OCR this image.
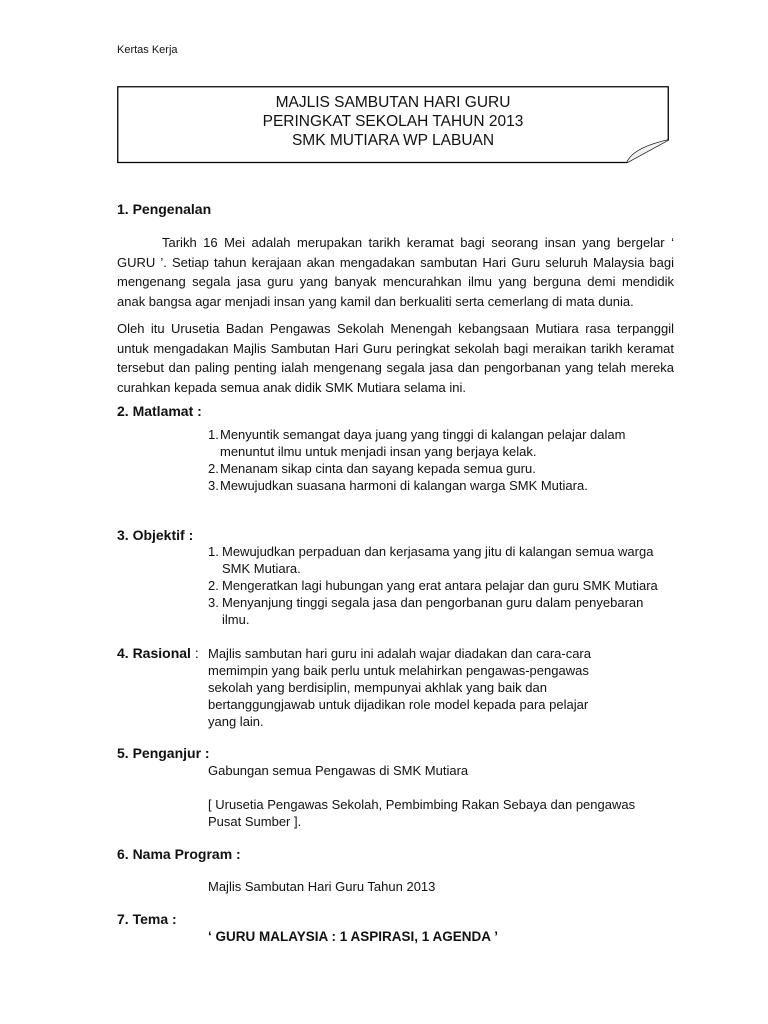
Kertas Kerja
MAJLIS SAMBUTAN HARI GURU
PERINGKAT SEKOLAH TAHUN 2013
SMK MUTIARA WP LABUAN
1. Pengenalan
Tarikh 16 Mei adalah merupakan tarikh keramat bagi seorang insan yang bergelar ‘ GURU ’. Setiap tahun kerajaan akan mengadakan sambutan Hari Guru seluruh Malaysia bagi mengenang segala jasa guru yang banyak mencurahkan ilmu yang berguna demi mendidik anak bangsa agar menjadi insan yang kamil dan berkualiti serta cemerlang di mata dunia.
Oleh itu Urusetia Badan Pengawas Sekolah Menengah kebangsaan Mutiara rasa terpanggil untuk mengadakan Majlis Sambutan Hari Guru peringkat sekolah bagi meraikan tarikh keramat tersebut dan paling penting ialah mengenang segala jasa dan pengorbanan yang telah mereka curahkan kepada semua anak didik SMK Mutiara selama ini.
2. Matlamat :
1. Menyuntik semangat daya juang yang tinggi di kalangan pelajar dalam menuntut ilmu untuk menjadi insan yang berjaya kelak.
2. Menanam sikap cinta dan sayang kepada semua guru.
3. Mewujudkan suasana harmoni di kalangan warga SMK Mutiara.
3. Objektif :
1. Mewujudkan perpaduan dan kerjasama yang jitu di kalangan semua warga SMK Mutiara.
2. Mengeratkan lagi hubungan yang erat antara pelajar dan guru SMK Mutiara
3. Menyanjung tinggi segala jasa dan pengorbanan guru dalam penyebaran ilmu.
4. Rasional : Majlis sambutan hari guru ini adalah wajar diadakan dan cara-cara memimpin yang baik perlu untuk melahirkan pengawas-pengawas sekolah yang berdisiplin, mempunyai akhlak yang baik dan bertanggungjawab untuk dijadikan role model kepada para pelajar yang lain.
5. Penganjur :
Gabungan semua Pengawas di SMK Mutiara
[ Urusetia Pengawas Sekolah, Pembimbing Rakan Sebaya dan pengawas Pusat Sumber ].
6. Nama Program :
Majlis Sambutan Hari Guru Tahun 2013
7. Tema :
‘ GURU MALAYSIA : 1 ASPIRASI, 1 AGENDA ’
